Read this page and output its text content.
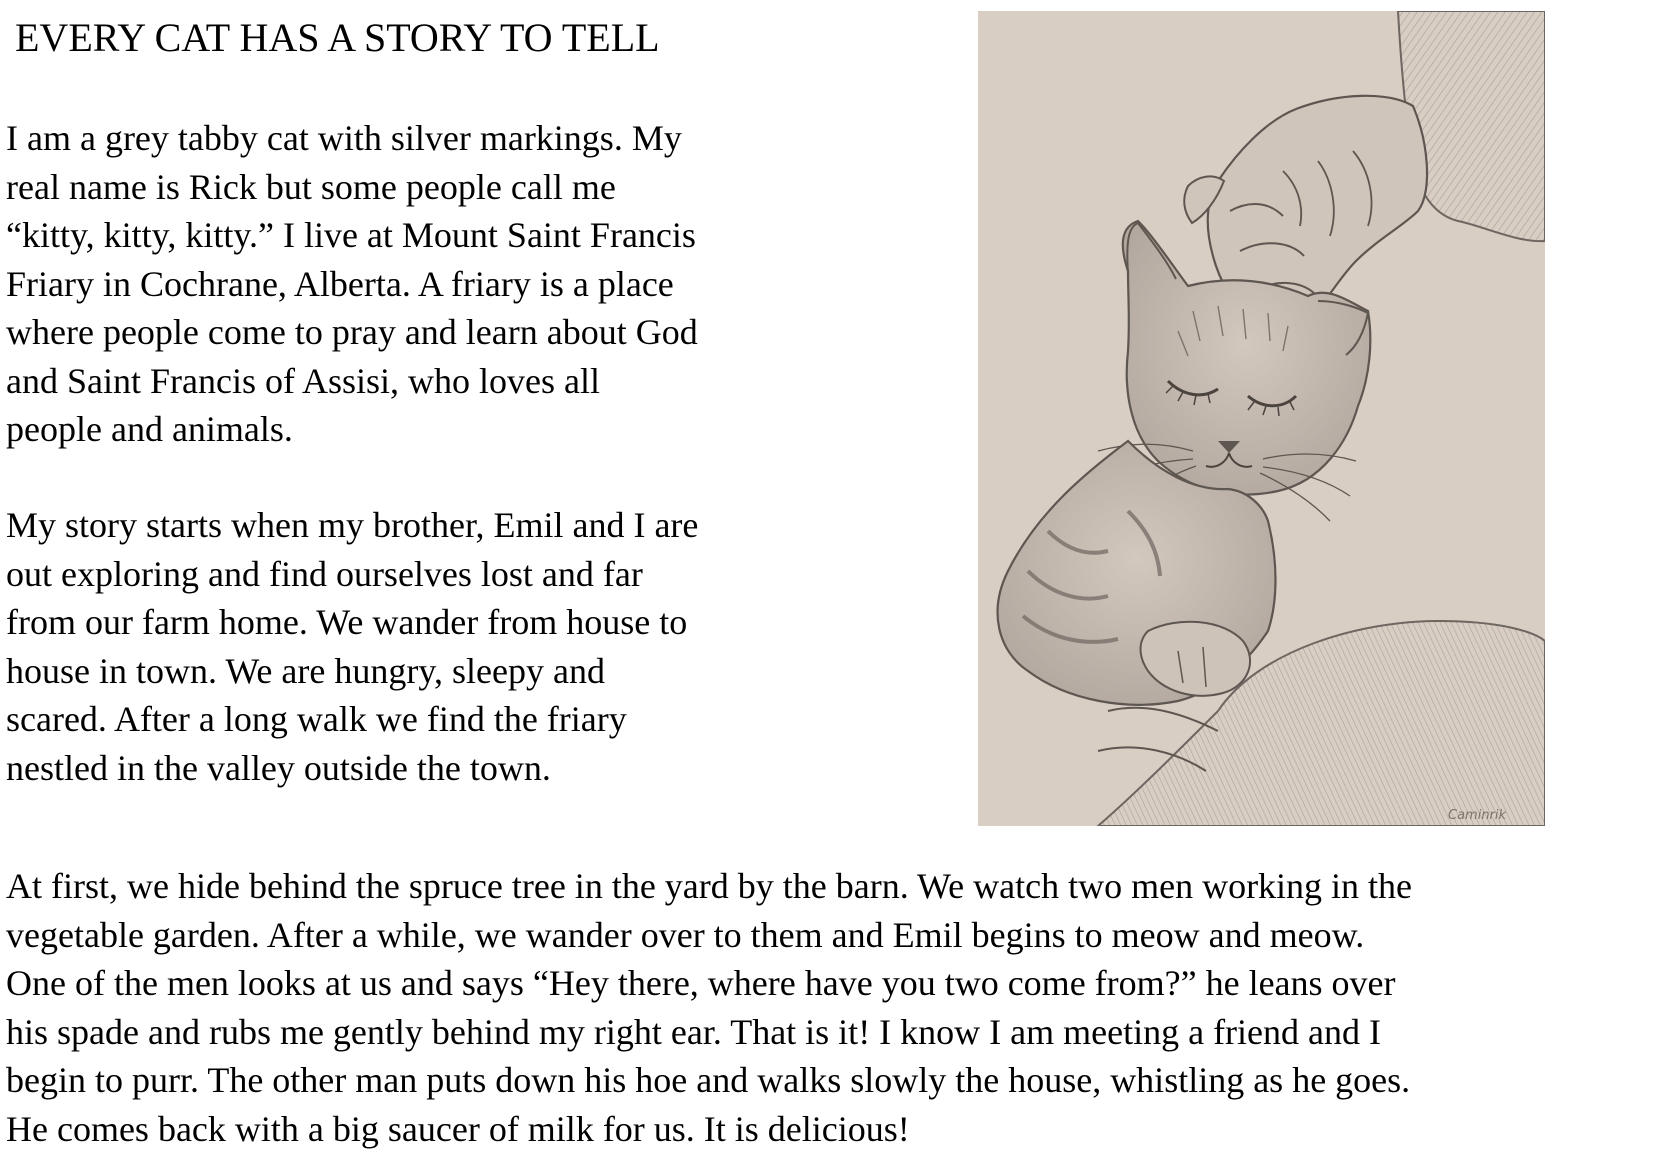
EVERY CAT HAS A STORY TO TELL
I am a grey tabby cat with silver markings. My
real name is Rick but some people call me
“kitty, kitty, kitty.” I live at Mount Saint Francis
Friary in Cochrane, Alberta. A friary is a place
where people come to pray and learn about God
and Saint Francis of Assisi, who loves all
people and animals.
My story starts when my brother, Emil and I are
out exploring and find ourselves lost and far
from our farm home. We wander from house to
house in town. We are hungry, sleepy and
scared. After a long walk we find the friary
nestled in the valley outside the town.
Caminrik
At first, we hide behind the spruce tree in the yard by the barn. We watch two men working in the
vegetable garden. After a while, we wander over to them and Emil begins to meow and meow.
One of the men looks at us and says “Hey there, where have you two come from?” he leans over
his spade and rubs me gently behind my right ear. That is it! I know I am meeting a friend and I
begin to purr. The other man puts down his hoe and walks slowly the house, whistling as he goes.
He comes back with a big saucer of milk for us. It is delicious!
